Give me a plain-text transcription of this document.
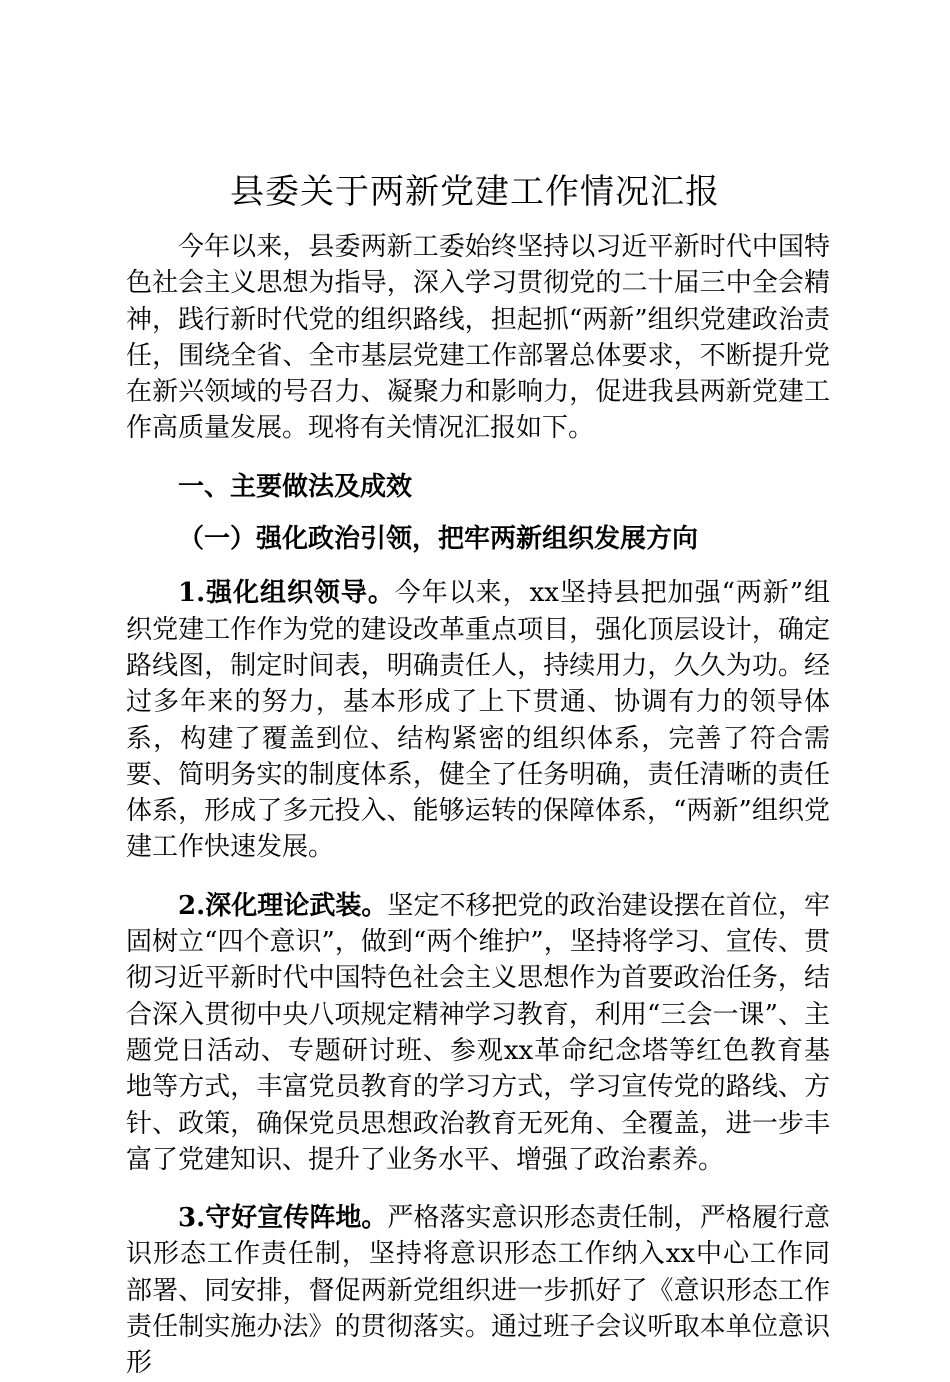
县委关于两新党建工作情况汇报

今年以来，县委两新工委始终坚持以习近平新时代中国特色社会主义思想为指导，深入学习贯彻党的二十届三中全会精神，践行新时代党的组织路线，担起抓“两新”组织党建政治责任，围绕全省、全市基层党建工作部署总体要求，不断提升党在新兴领域的号召力、凝聚力和影响力，促进我县两新党建工作高质量发展。现将有关情况汇报如下。

一、主要做法及成效

（一）强化政治引领，把牢两新组织发展方向

1.强化组织领导。今年以来，xx坚持县把加强“两新”组织党建工作作为党的建设改革重点项目，强化顶层设计，确定路线图，制定时间表，明确责任人，持续用力，久久为功。经过多年来的努力，基本形成了上下贯通、协调有力的领导体系，构建了覆盖到位、结构紧密的组织体系，完善了符合需要、简明务实的制度体系，健全了任务明确，责任清晰的责任体系，形成了多元投入、能够运转的保障体系，“两新”组织党建工作快速发展。

2.深化理论武装。坚定不移把党的政治建设摆在首位，牢固树立“四个意识”，做到“两个维护”，坚持将学习、宣传、贯彻习近平新时代中国特色社会主义思想作为首要政治任务，结合深入贯彻中央八项规定精神学习教育，利用“三会一课”、主题党日活动、专题研讨班、参观xx革命纪念塔等红色教育基地等方式，丰富党员教育的学习方式，学习宣传党的路线、方针、政策，确保党员思想政治教育无死角、全覆盖，进一步丰富了党建知识、提升了业务水平、增强了政治素养。

3.守好宣传阵地。严格落实意识形态责任制，严格履行意识形态工作责任制，坚持将意识形态工作纳入xx中心工作同部署、同安排，督促两新党组织进一步抓好了《意识形态工作责任制实施办法》的贯彻落实。通过班子会议听取本单位意识形
